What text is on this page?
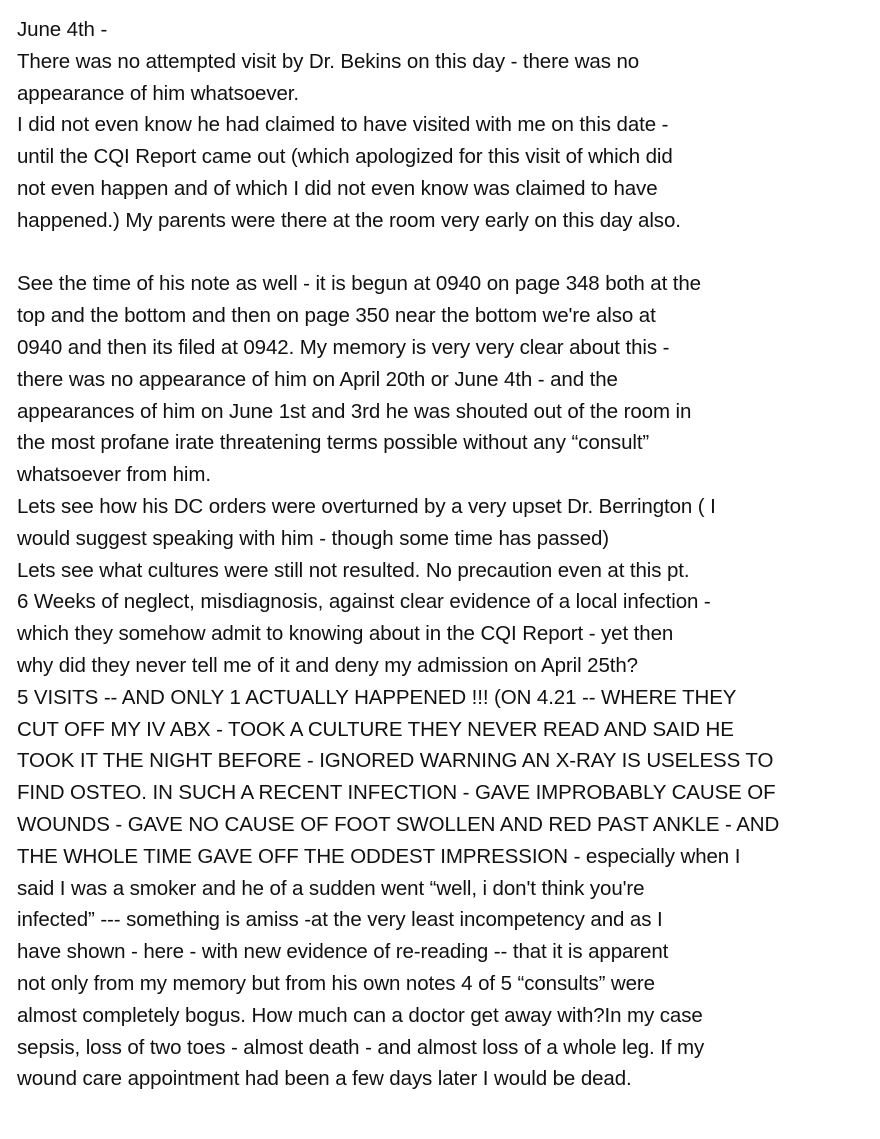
June 4th -
There was no attempted visit by Dr. Bekins on this day - there was no
appearance of him whatsoever.
I did not even know he had claimed to have visited with me on this date -
until the CQI Report came out (which apologized for this visit of which did
not even happen and of which I did not even know was claimed to have
happened.) My parents were there at the room very early on this day also.
See the time of his note as well - it is begun at 0940 on page 348 both at the
top and the bottom and then on page 350 near the bottom we're also at
0940 and then its filed at 0942. My memory is very very clear about this -
there was no appearance of him on April 20th or June 4th - and the
appearances of him on June 1st and 3rd he was shouted out of the room in
the most profane irate threatening terms possible without any “consult”
whatsoever from him.
Lets see how his DC orders were overturned by a very upset Dr. Berrington ( I
would suggest speaking with him - though some time has passed)
Lets see what cultures were still not resulted. No precaution even at this pt.
6 Weeks of neglect, misdiagnosis, against clear evidence of a local infection -
which they somehow admit to knowing about in the CQI Report - yet then
why did they never tell me of it and deny my admission on April 25th?
5 VISITS -- AND ONLY 1 ACTUALLY HAPPENED !!! (ON 4.21 -- WHERE THEY
CUT OFF MY IV ABX - TOOK A CULTURE THEY NEVER READ AND SAID HE
TOOK IT THE NIGHT BEFORE - IGNORED WARNING AN X-RAY IS USELESS TO
FIND OSTEO. IN SUCH A RECENT INFECTION - GAVE IMPROBABLY CAUSE OF
WOUNDS - GAVE NO CAUSE OF FOOT SWOLLEN AND RED PAST ANKLE - AND
THE WHOLE TIME GAVE OFF THE ODDEST IMPRESSION - especially when I
said I was a smoker and he of a sudden went “well, i don't think you're
infected” --- something is amiss -at the very least incompetency and as I
have shown - here - with new evidence of re-reading -- that it is apparent
not only from my memory but from his own notes 4 of 5 “consults” were
almost completely bogus. How much can a doctor get away with?In my case
sepsis, loss of two toes - almost death - and almost loss of a whole leg. If my
wound care appointment had been a few days later I would be dead.
